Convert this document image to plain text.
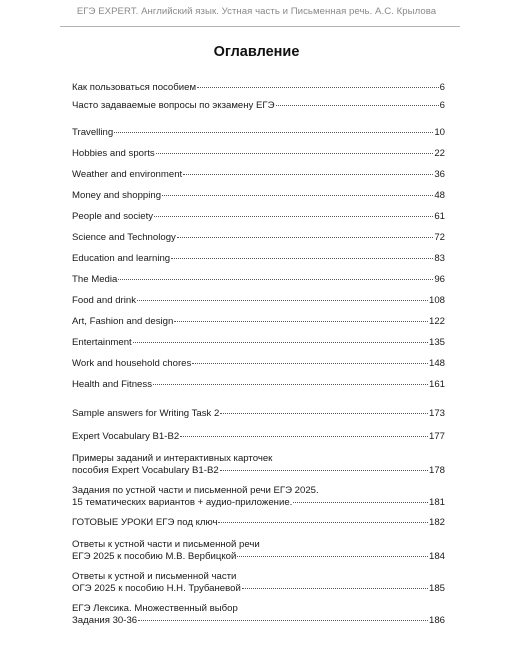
ЕГЭ EXPERT. Английский язык. Устная часть и Письменная речь. А.С. Крылова
Оглавление
Как пользоваться пособием	6
Часто задаваемые вопросы по экзамену ЕГЭ	6
Travelling	10
Hobbies and sports	22
Weather and environment	36
Money and shopping	48
People and society	61
Science and Technology	72
Education and learning	83
The Media	96
Food and drink	108
Art, Fashion and design	122
Entertainment	135
Work and household chores	148
Health and Fitness	161
Sample answers for Writing Task 2	173
Expert Vocabulary B1-B2	177
Примеры заданий и интерактивных карточек
пособия Expert Vocabulary B1-B2	178
Задания по устной части и письменной речи ЕГЭ 2025.
15 тематических вариантов + аудио-приложение.	181
ГОТОВЫЕ УРОКИ ЕГЭ под ключ	182
Ответы к устной части и письменной речи
ЕГЭ 2025 к пособию М.В. Вербицкой	184
Ответы к устной и письменной части
ОГЭ 2025 к пособию Н.Н. Трубаневой	185
ЕГЭ Лексика. Множественный выбор
Задания 30-36	186
